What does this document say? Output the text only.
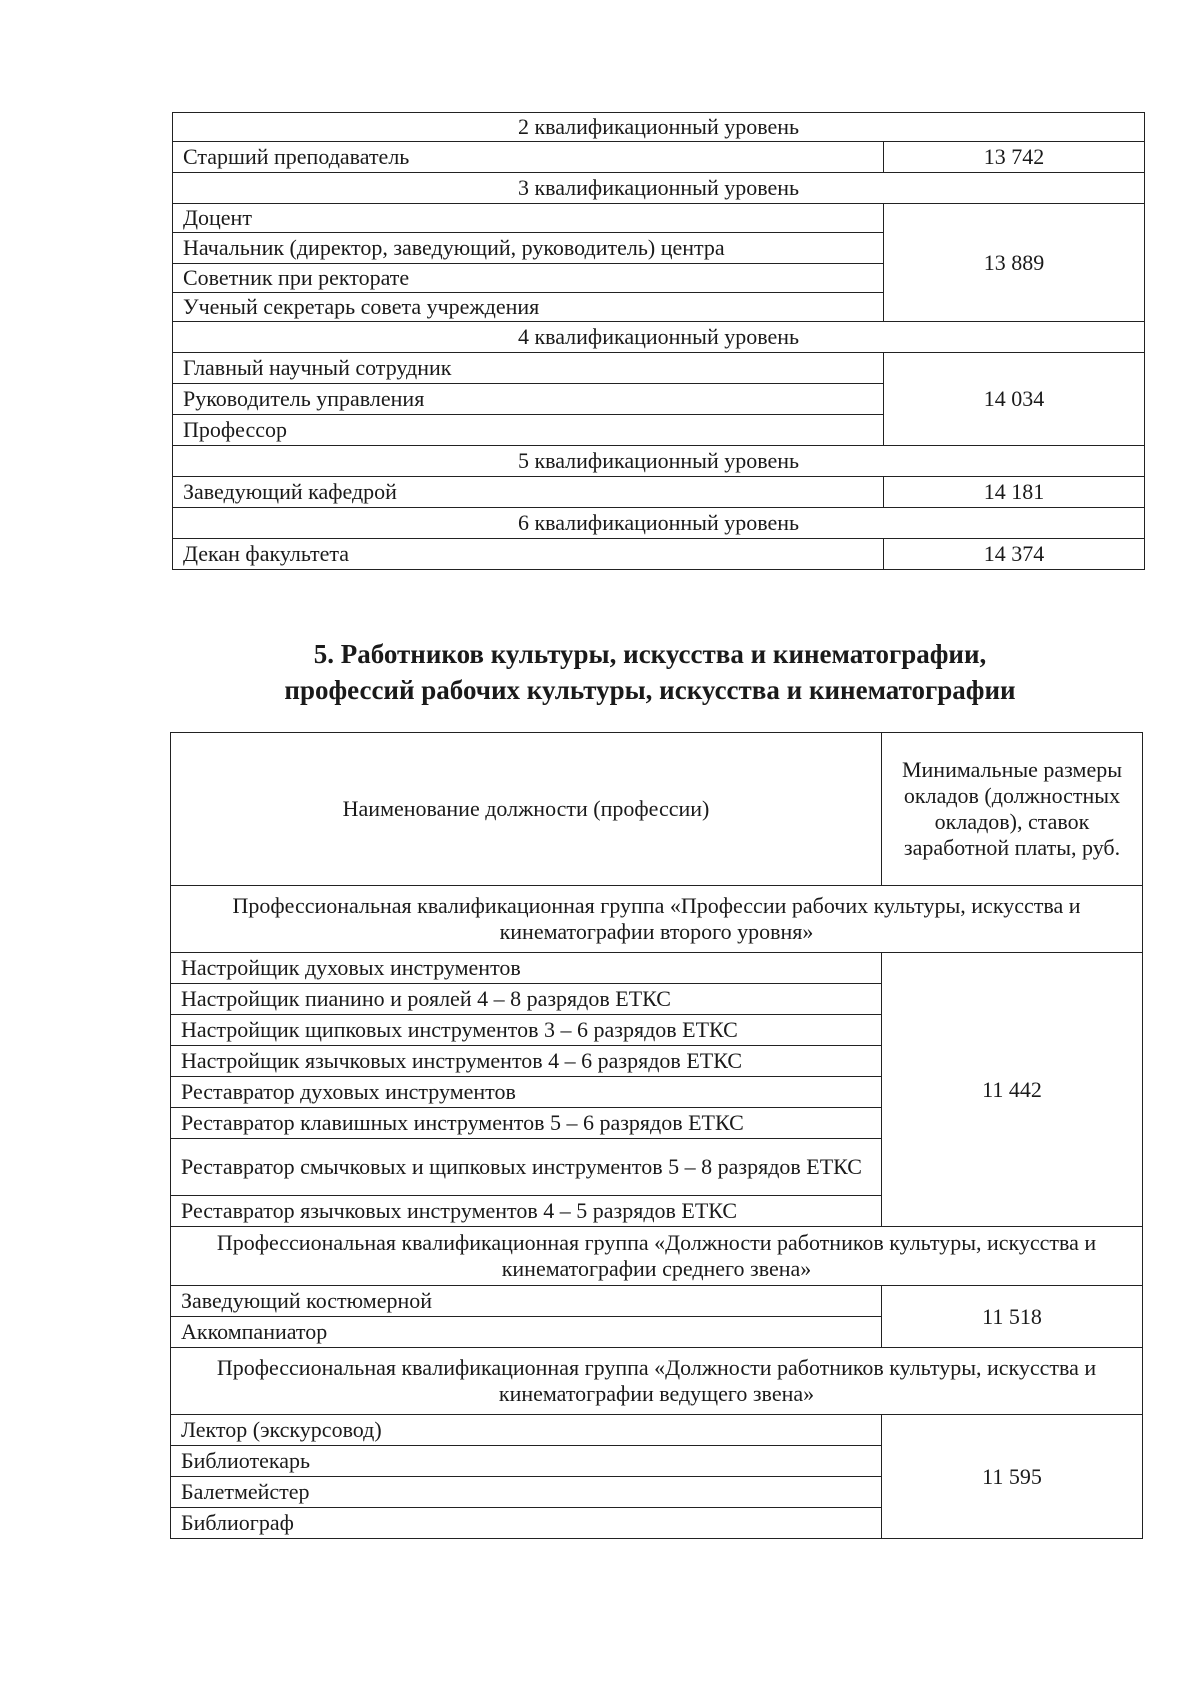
2 квалификационный уровень	
Старший преподаватель	13 742
3 квалификационный уровень	
Доцент	13 889
Начальник (директор, заведующий, руководитель) центра	
Советник при ректорате	
Ученый секретарь совета учреждения	
4 квалификационный уровень	
Главный научный сотрудник	14 034
Руководитель управления	
Профессор	
5 квалификационный уровень	
Заведующий кафедрой	14 181
6 квалификационный уровень	
Декан факультета	14 374
5. Работников культуры, искусства и кинематографии,
профессий рабочих культуры, искусства и кинематографии
Наименование должности (профессии)	Минимальные размеры окладов (должностных окладов), ставок заработной платы, руб.
Профессиональная квалификационная группа «Профессии рабочих культуры, искусства и кинематографии второго уровня»	
Настройщик духовых инструментов	11 442
Настройщик пианино и роялей 4 – 8 разрядов ЕТКС	
Настройщик щипковых инструментов 3 – 6 разрядов ЕТКС	
Настройщик язычковых инструментов 4 – 6 разрядов ЕТКС	
Реставратор духовых инструментов	
Реставратор клавишных инструментов 5 – 6 разрядов ЕТКС	
Реставратор смычковых и щипковых инструментов 5 – 8 разрядов ЕТКС	
Реставратор язычковых инструментов 4 – 5 разрядов ЕТКС	
Профессиональная квалификационная группа «Должности работников культуры, искусства и кинематографии среднего звена»	
Заведующий костюмерной	11 518
Аккомпаниатор	
Профессиональная квалификационная группа «Должности работников культуры, искусства и кинематографии ведущего звена»	
Лектор (экскурсовод)	11 595
Библиотекарь	
Балетмейстер	
Библиограф	
